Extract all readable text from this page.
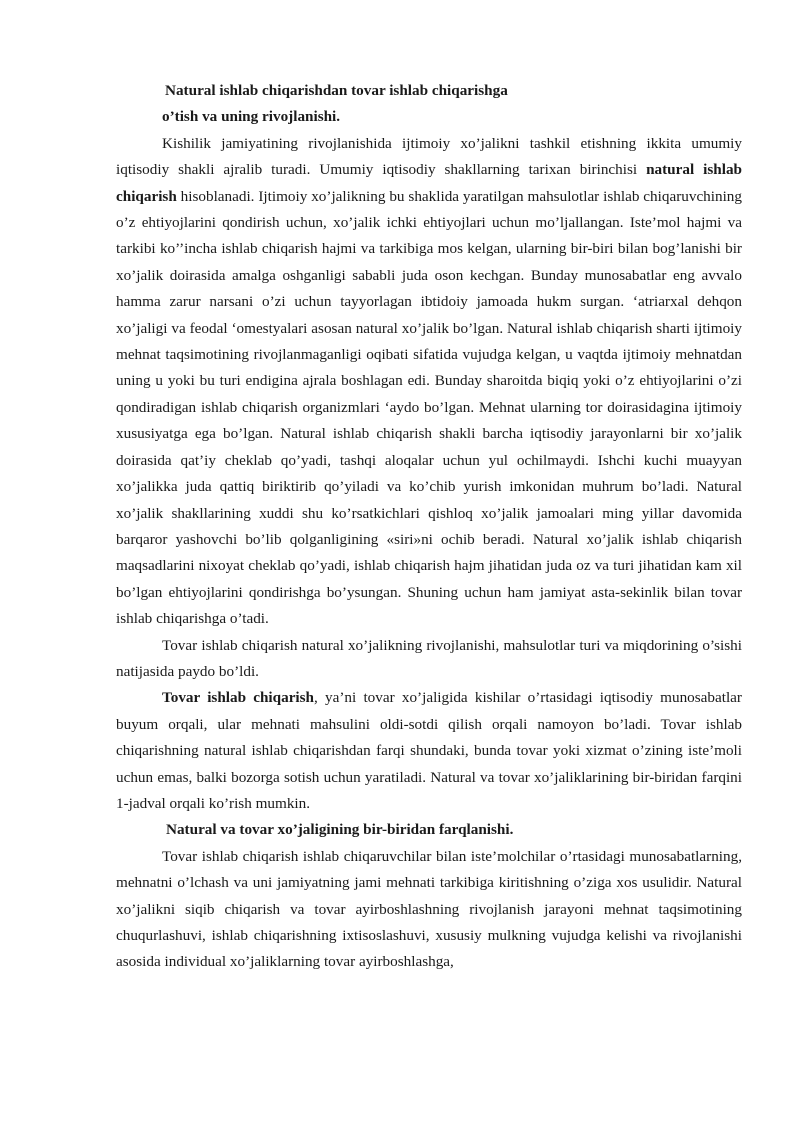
Natural ishlab chiqarishdan tovar ishlab chiqarishga
o’tish va uning rivojlanishi.

Kishilik jamiyatining rivojlanishida ijtimoiy xo’jalikni tashkil etishning ikkita umumiy iqtisodiy shakli ajralib turadi. Umumiy iqtisodiy shakllarning tarixan birinchisi natural ishlab chiqarish hisoblanadi. Ijtimoiy xo’jalikning bu shaklida yaratilgan mahsulotlar ishlab chiqaruvchining o’z ehtiyojlarini qondirish uchun, xo’jalik ichki ehtiyojlari uchun mo’ljallangan. Iste’mol hajmi va tarkibi ko’’incha ishlab chiqarish hajmi va tarkibiga mos kelgan, ularning bir-biri bilan bog’lanishi bir xo’jalik doirasida amalga oshganligi sababli juda oson kechgan. Bunday munosabatlar eng avvalo hamma zarur narsani o’zi uchun tayyorlagan ibtidoiy jamoada hukm surgan. ‘atriarxal dehqon xo’jaligi va feodal ‘omestyalari asosan natural xo’jalik bo’lgan. Natural ishlab chiqarish sharti ijtimoiy mehnat taqsimotining rivojlanmaganligi oqibati sifatida vujudga kelgan, u vaqtda ijtimoiy mehnatdan uning u yoki bu turi endigina ajrala boshlagan edi. Bunday sharoitda biqiq yoki o’z ehtiyojlarini o’zi qondiradigan ishlab chiqarish organizmlari ‘aydo bo’lgan. Mehnat ularning tor doirasidagina ijtimoiy xususiyatga ega bo’lgan. Natural ishlab chiqarish shakli barcha iqtisodiy jarayonlarni bir xo’jalik doirasida qat’iy cheklab qo’yadi, tashqi aloqalar uchun yul ochilmaydi. Ishchi kuchi muayyan xo’jalikka juda qattiq biriktirib qo’yiladi va ko’chib yurish imkonidan muhrum bo’ladi. Natural xo’jalik shakllarining xuddi shu ko’rsatkichlari qishloq xo’jalik jamoalari ming yillar davomida barqaror yashovchi bo’lib qolganligining «siri»ni ochib beradi. Natural xo’jalik ishlab chiqarish maqsadlarini nixoyat cheklab qo’yadi, ishlab chiqarish hajm jihatidan juda oz va turi jihatidan kam xil bo’lgan ehtiyojlarini qondirishga bo’ysungan. Shuning uchun ham jamiyat asta-sekinlik bilan tovar ishlab chiqarishga o’tadi.

Tovar ishlab chiqarish natural xo’jalikning rivojlanishi, mahsulotlar turi va miqdorining o’sishi natijasida paydo bo’ldi.

Tovar ishlab chiqarish, ya’ni tovar xo’jaligida kishilar o’rtasidagi iqtisodiy munosabatlar buyum orqali, ular mehnati mahsulini oldi-sotdi qilish orqali namoyon bo’ladi. Tovar ishlab chiqarishning natural ishlab chiqarishdan farqi shundaki, bunda tovar yoki xizmat o’zining iste’moli uchun emas, balki bozorga sotish uchun yaratiladi. Natural va tovar xo’jaliklarining bir-biridan farqini 1-jadval orqali ko’rish mumkin.

Natural va tovar xo’jaligining bir-biridan farqlanishi.

Tovar ishlab chiqarish ishlab chiqaruvchilar bilan iste’molchilar o’rtasidagi munosabatlarning, mehnatni o’lchash va uni jamiyatning jami mehnati tarkibiga kiritishning o’ziga xos usulidir. Natural xo’jalikni siqib chiqarish va tovar ayirboshlashning rivojlanish jarayoni mehnat taqsimotining chuqurlashuvi, ishlab chiqarishning ixtisoslashuvi, xususiy mulkning vujudga kelishi va rivojlanishi asosida individual xo’jaliklarning tovar ayirboshlashga,
